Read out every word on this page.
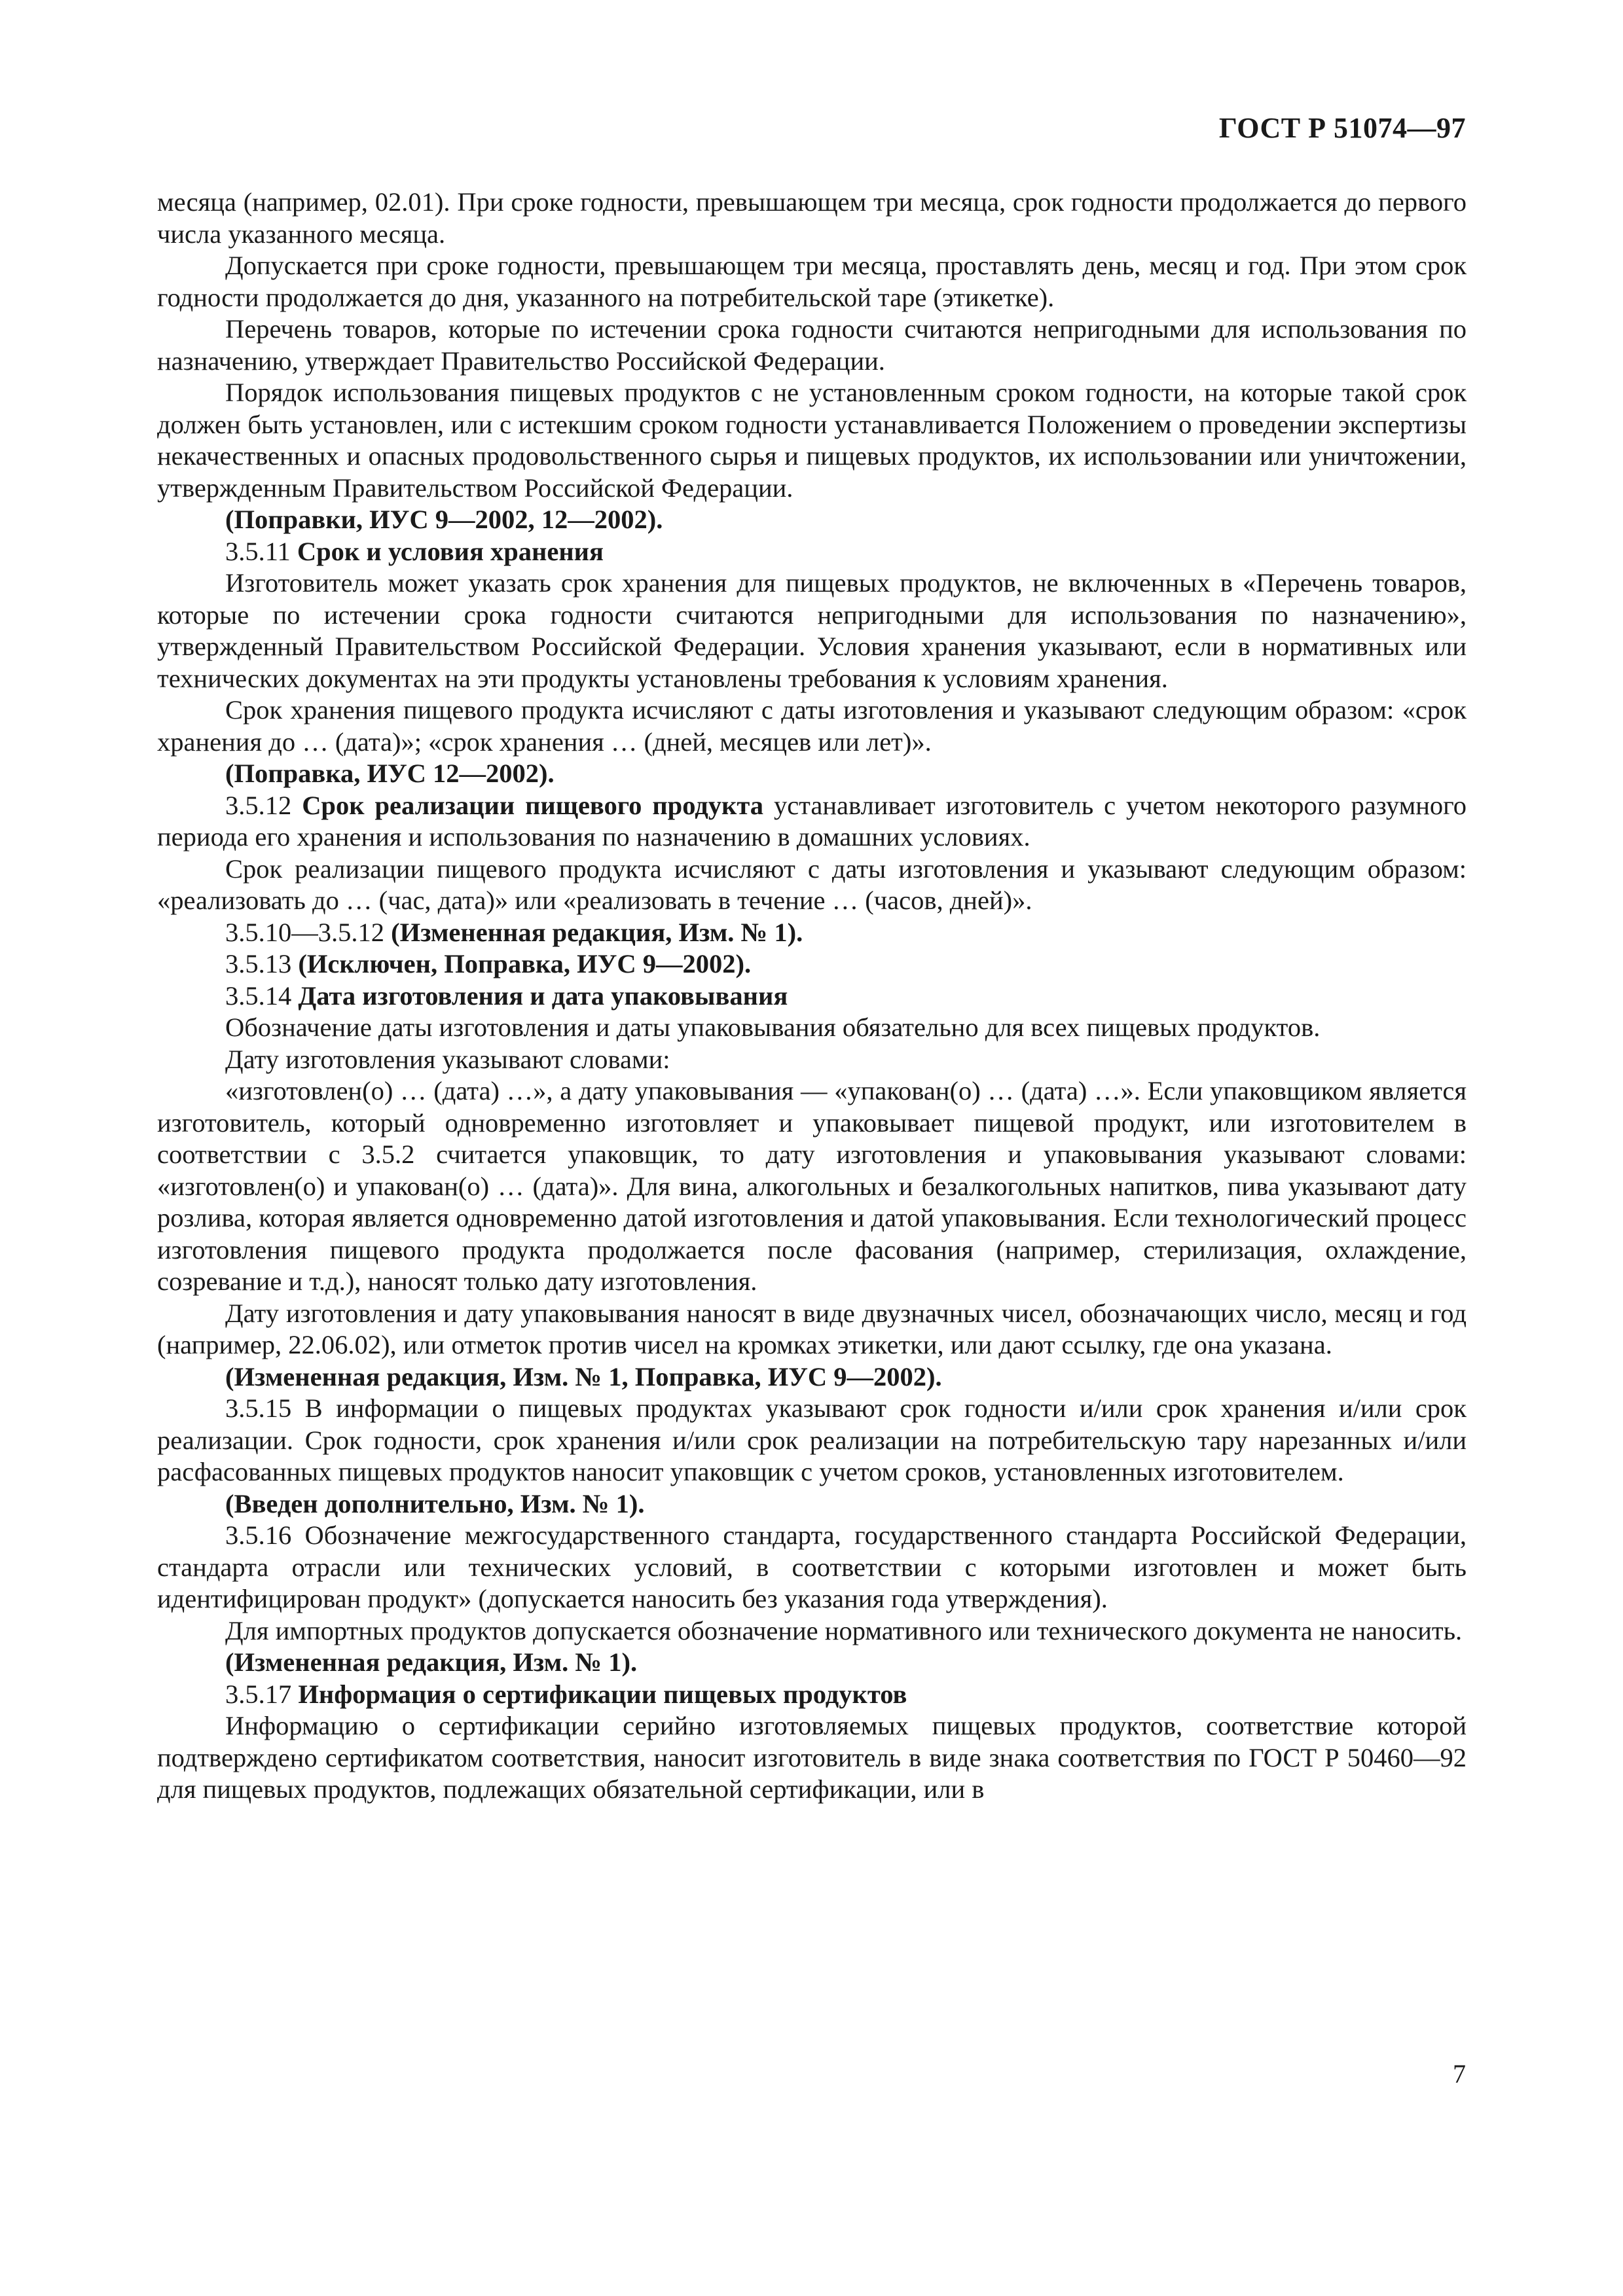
ГОСТ Р 51074—97

месяца (например, 02.01). При сроке годности, превышающем три месяца, срок годности продолжается до первого числа указанного месяца.

Допускается при сроке годности, превышающем три месяца, проставлять день, месяц и год. При этом срок годности продолжается до дня, указанного на потребительской таре (этикетке).

Перечень товаров, которые по истечении срока годности считаются непригодными для использования по назначению, утверждает Правительство Российской Федерации.

Порядок использования пищевых продуктов с не установленным сроком годности, на которые такой срок должен быть установлен, или с истекшим сроком годности устанавливается Положением о проведении экспертизы некачественных и опасных продовольственного сырья и пищевых продуктов, их использовании или уничтожении, утвержденным Правительством Российской Федерации.

(Поправки, ИУС 9—2002, 12—2002).

3.5.11 Срок и условия хранения

Изготовитель может указать срок хранения для пищевых продуктов, не включенных в «Перечень товаров, которые по истечении срока годности считаются непригодными для использования по назначению», утвержденный Правительством Российской Федерации. Условия хранения указывают, если в нормативных или технических документах на эти продукты установлены требования к условиям хранения.

Срок хранения пищевого продукта исчисляют с даты изготовления и указывают следующим образом: «срок хранения до … (дата)»; «срок хранения … (дней, месяцев или лет)».

(Поправка, ИУС 12—2002).

3.5.12 Срок реализации пищевого продукта устанавливает изготовитель с учетом некоторого разумного периода его хранения и использования по назначению в домашних условиях.

Срок реализации пищевого продукта исчисляют с даты изготовления и указывают следующим образом: «реализовать до … (час, дата)» или «реализовать в течение … (часов, дней)».

3.5.10—3.5.12 (Измененная редакция, Изм. № 1).

3.5.13 (Исключен, Поправка, ИУС 9—2002).

3.5.14 Дата изготовления и дата упаковывания

Обозначение даты изготовления и даты упаковывания обязательно для всех пищевых продуктов.

Дату изготовления указывают словами:

«изготовлен(о) … (дата) …», а дату упаковывания — «упакован(о) … (дата) …». Если упаковщиком является изготовитель, который одновременно изготовляет и упаковывает пищевой продукт, или изготовителем в соответствии с 3.5.2 считается упаковщик, то дату изготовления и упаковывания указывают словами: «изготовлен(о) и упакован(о) … (дата)». Для вина, алкогольных и безалкогольных напитков, пива указывают дату розлива, которая является одновременно датой изготовления и датой упаковывания. Если технологический процесс изготовления пищевого продукта продолжается после фасования (например, стерилизация, охлаждение, созревание и т.д.), наносят только дату изготовления.

Дату изготовления и дату упаковывания наносят в виде двузначных чисел, обозначающих число, месяц и год (например, 22.06.02), или отметок против чисел на кромках этикетки, или дают ссылку, где она указана.

(Измененная редакция, Изм. № 1, Поправка, ИУС 9—2002).

3.5.15 В информации о пищевых продуктах указывают срок годности и/или срок хранения и/или срок реализации. Срок годности, срок хранения и/или срок реализации на потребительскую тару нарезанных и/или расфасованных пищевых продуктов наносит упаковщик с учетом сроков, установленных изготовителем.

(Введен дополнительно, Изм. № 1).

3.5.16 Обозначение межгосударственного стандарта, государственного стандарта Российской Федерации, стандарта отрасли или технических условий, в соответствии с которыми изготовлен и может быть идентифицирован продукт» (допускается наносить без указания года утверждения).

Для импортных продуктов допускается обозначение нормативного или технического документа не наносить.

(Измененная редакция, Изм. № 1).

3.5.17 Информация о сертификации пищевых продуктов

Информацию о сертификации серийно изготовляемых пищевых продуктов, соответствие которой подтверждено сертификатом соответствия, наносит изготовитель в виде знака соответствия по ГОСТ Р 50460—92 для пищевых продуктов, подлежащих обязательной сертификации, или в

7
